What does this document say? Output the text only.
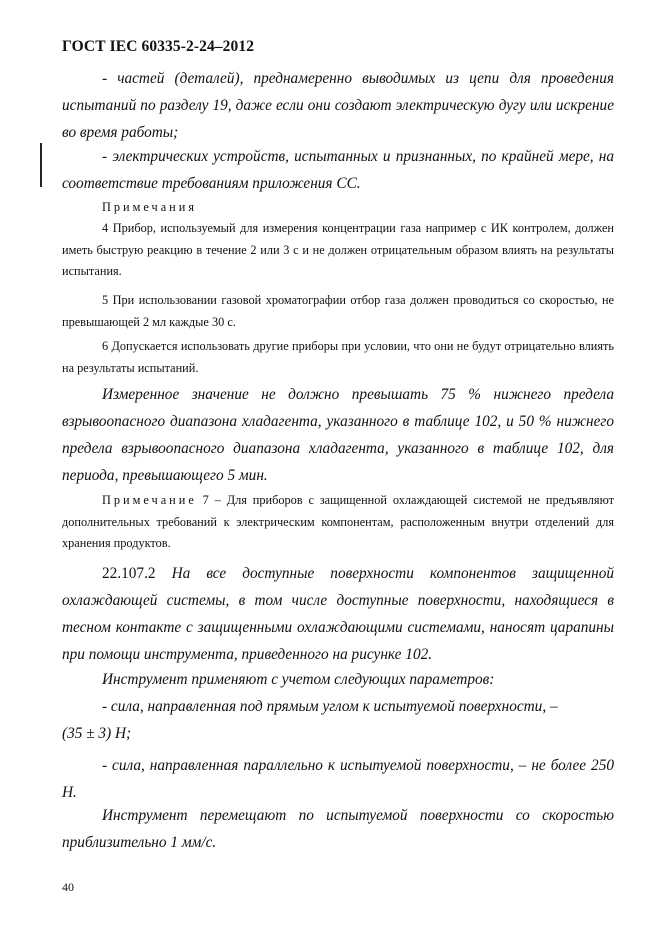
ГОСТ IEC 60335-2-24–2012

- частей (деталей), преднамеренно выводимых из цепи для проведения испытаний по разделу 19, даже если они создают электрическую дугу или искрение во время работы;

- электрических устройств, испытанных и признанных, по крайней мере, на соответствие требованиям приложения CC.

Примечания

4 Прибор, используемый для измерения концентрации газа например с ИК контролем, должен иметь быструю реакцию в течение 2 или 3 с и не должен отрицательным образом влиять на результаты испытания.

5 При использовании газовой хроматографии отбор газа должен проводиться со скоростью, не превышающей 2 мл каждые 30 с.

6 Допускается использовать другие приборы при условии, что они не будут отрицательно влиять на результаты испытаний.

Измеренное значение не должно превышать 75 % нижнего предела взрывоопасного диапазона хладагента, указанного в таблице 102, и 50 % нижнего предела взрывоопасного диапазона хладагента, указанного в таблице 102, для периода, превышающего 5 мин.

Примечание 7 – Для приборов с защищенной охлаждающей системой не предъявляют дополнительных требований к электрическим компонентам, расположенным внутри отделений для хранения продуктов.

22.107.2 На все доступные поверхности компонентов защищенной охлаждающей системы, в том числе доступные поверхности, находящиеся в тесном контакте с защищенными охлаждающими системами, наносят царапины при помощи инструмента, приведенного на рисунке 102.

Инструмент применяют с учетом следующих параметров:

- сила, направленная под прямым углом к испытуемой поверхности, –

(35 ± 3) Н;

- сила, направленная параллельно к испытуемой поверхности, – не более 250 Н.

Инструмент перемещают по испытуемой поверхности со скоростью приблизительно 1 мм/с.

40
